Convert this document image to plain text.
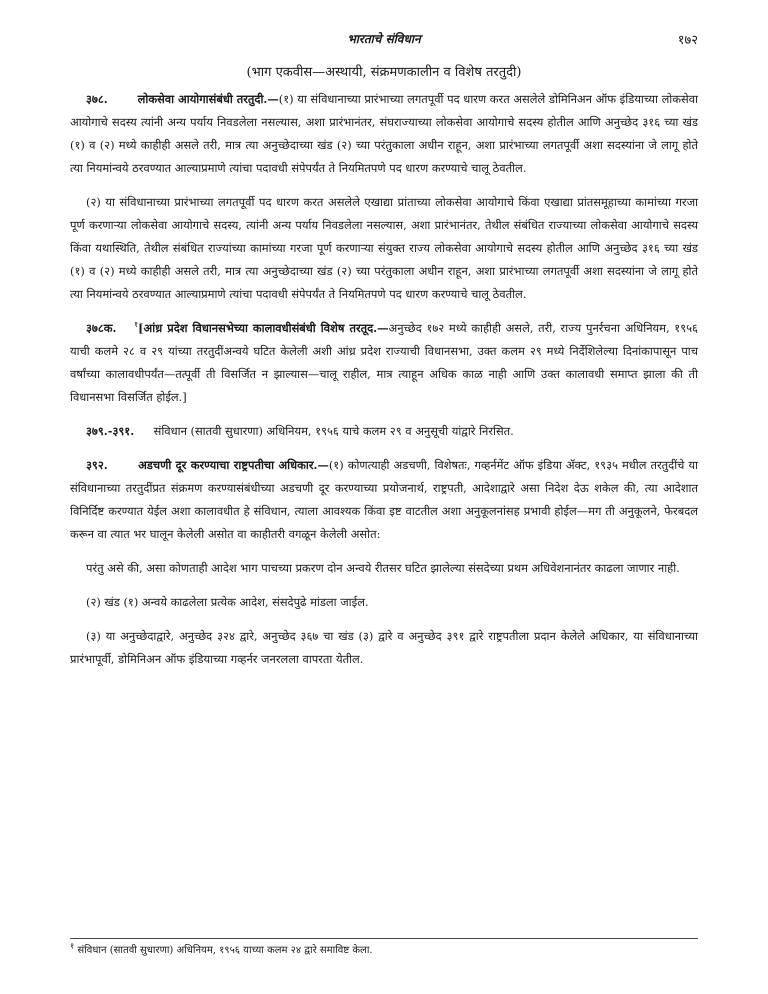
भारताचे संविधान	१७२
(भाग एकवीस—अस्थायी, संक्रमणकालीन व विशेष तरतुदी)

३७८.	लोकसेवा आयोगासंबंधी तरतुदी.—(१) या संविधानाच्या प्रारंभाच्या लगतपूर्वी पद धारण करत असलेले डोमिनिअन ऑफ इंडियाच्या लोकसेवा आयोगाचे सदस्य त्यांनी अन्य पर्याय निवडलेला नसल्यास, अशा प्रारंभानंतर, संघराज्याच्या लोकसेवा आयोगाचे सदस्य होतील आणि अनुच्छेद ३१६ च्या खंड (१) व (२) मध्ये काहीही असले तरी, मात्र त्या अनुच्छेदाच्या खंड (२) च्या परंतुकाला अधीन राहून, अशा प्रारंभाच्या लगतपूर्वी अशा सदस्यांना जे लागू होते त्या नियमांन्वये ठरवण्यात आल्याप्रमाणे त्यांचा पदावधी संपेपर्यंत ते नियमितपणे पद धारण करण्याचे चालू ठेवतील.

(२) या संविधानाच्या प्रारंभाच्या लगतपूर्वी पद धारण करत असलेले एखाद्या प्रांताच्या लोकसेवा आयोगाचे किंवा एखाद्या प्रांतसमूहाच्या कामांच्या गरजा पूर्ण करणाऱ्या लोकसेवा आयोगाचे सदस्य, त्यांनी अन्य पर्याय निवडलेला नसल्यास, अशा प्रारंभानंतर, तेथील संबंधित राज्याच्या लोकसेवा आयोगाचे सदस्य किंवा यथास्थिति, तेथील संबंधित राज्यांच्या कामांच्या गरजा पूर्ण करणाऱ्या संयुक्त राज्य लोकसेवा आयोगाचे सदस्य होतील आणि अनुच्छेद ३१६ च्या खंड (१) व (२) मध्ये काहीही असले तरी, मात्र त्या अनुच्छेदाच्या खंड (२) च्या परंतुकाला अधीन राहून, अशा प्रारंभाच्या लगतपूर्वी अशा सदस्यांना जे लागू होते त्या नियमांन्वये ठरवण्यात आल्याप्रमाणे त्यांचा पदावधी संपेपर्यंत ते नियमितपणे पद धारण करण्याचे चालू ठेवतील.

३७८क. $^१$[आंध्र प्रदेश विधानसभेच्या कालावधीसंबंधी विशेष तरतूद.—अनुच्छेद १७२ मध्ये काहीही असले, तरी, राज्य पुनर्रचना अधिनियम, १९५६ याची कलमे २८ व २९ यांच्या तरतुदींअन्वये घटित केलेली अशी आंध्र प्रदेश राज्याची विधानसभा, उक्त कलम २९ मध्ये निर्देशिलेल्या दिनांकापासून पाच वर्षांच्या कालावधीपर्यंत—तत्पूर्वी ती विसर्जित न झाल्यास—चालू राहील, मात्र त्याहून अधिक काळ नाही आणि उक्त कालावधी समाप्त झाला की ती विधानसभा विसर्जित होईल.]

३७९.-३९१. संविधान (सातवी सुधारणा) अधिनियम, १९५६ याचे कलम २९ व अनुसूची यांद्वारे निरसित.

३९२.	अडचणी दूर करण्याचा राष्ट्रपतीचा अधिकार.—(१) कोणत्याही अडचणी, विशेषतः, गव्हर्नमेंट ऑफ इंडिया ॲक्ट, १९३५ मधील तरतुदींचे या संविधानाच्या तरतुदींप्रत संक्रमण करण्यासंबंधीच्या अडचणी दूर करण्याच्या प्रयोजनार्थ, राष्ट्रपती, आदेशाद्वारे असा निदेश देऊ शकेल की, त्या आदेशात विनिर्दिष्ट करण्यात येईल अशा कालावधीत हे संविधान, त्याला आवश्यक किंवा इष्ट वाटतील अशा अनुकूलनांसह प्रभावी होईल—मग ती अनुकूलने, फेरबदल करून वा त्यात भर घालून केलेली असोत वा काहीतरी वगळून केलेली असोत:

परंतु असे की, असा कोणताही आदेश भाग पाचच्या प्रकरण दोन अन्वये रीतसर घटित झालेल्या संसदेच्या प्रथम अधिवेशनानंतर काढला जाणार नाही.

(२) खंड (१) अन्वये काढलेला प्रत्येक आदेश, संसदेपुढे मांडला जाईल.

(३) या अनुच्छेदाद्वारे, अनुच्छेद ३२४ द्वारे, अनुच्छेद ३६७ चा खंड (३) द्वारे व अनुच्छेद ३९१ द्वारे राष्ट्रपतीला प्रदान केलेले अधिकार, या संविधानाच्या प्रारंभापूर्वी, डोमिनिअन ऑफ इंडियाच्या गव्हर्नर जनरलला वापरता येतील.

$^१$ संविधान (सातवी सुधारणा) अधिनियम, १९५६ याच्या कलम २४ द्वारे समाविष्ट केला.
